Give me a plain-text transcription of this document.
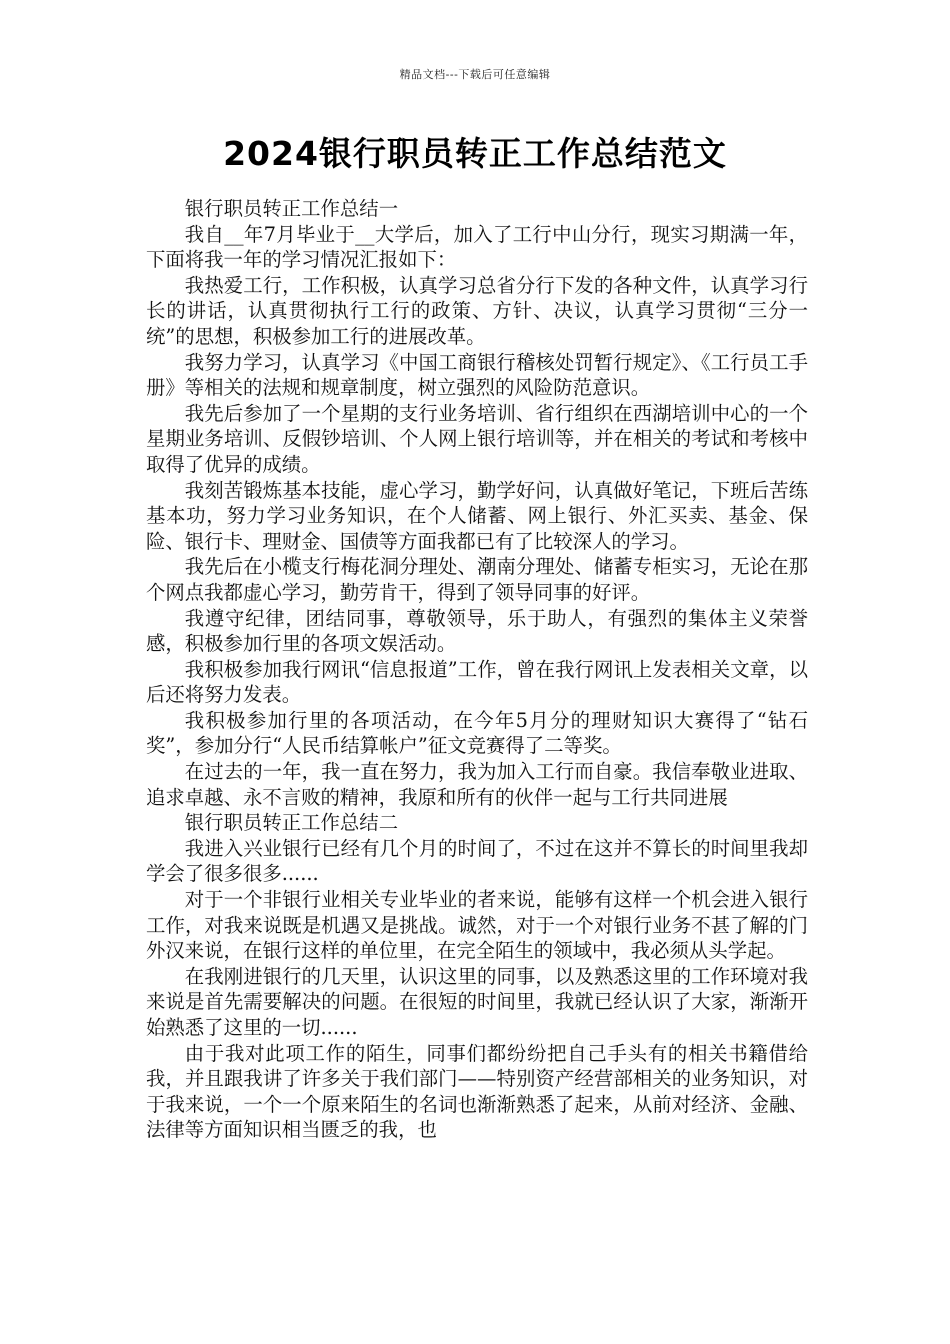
精品文档---下载后可任意编辑
2024银行职员转正工作总结范文

银行职员转正工作总结一

我自__年7月毕业于__大学后，加入了工行中山分行，现实习期满一年，下面将我一年的学习情况汇报如下：

我热爱工行，工作积极，认真学习总省分行下发的各种文件，认真学习行长的讲话，认真贯彻执行工行的政策、方针、决议，认真学习贯彻“三分一统”的思想，积极参加工行的进展改革。

我努力学习，认真学习《中国工商银行稽核处罚暂行规定》、《工行员工手册》等相关的法规和规章制度，树立强烈的风险防范意识。

我先后参加了一个星期的支行业务培训、省行组织在西湖培训中心的一个星期业务培训、反假钞培训、个人网上银行培训等，并在相关的考试和考核中取得了优异的成绩。

我刻苦锻炼基本技能，虚心学习，勤学好问，认真做好笔记，下班后苦练基本功，努力学习业务知识，在个人储蓄、网上银行、外汇买卖、基金、保险、银行卡、理财金、国债等方面我都已有了比较深人的学习。

我先后在小榄支行梅花洞分理处、潮南分理处、储蓄专柜实习，无论在那个网点我都虚心学习，勤劳肯干，得到了领导同事的好评。

我遵守纪律，团结同事，尊敬领导，乐于助人，有强烈的集体主义荣誉感，积极参加行里的各项文娱活动。

我积极参加我行网讯“信息报道”工作，曾在我行网讯上发表相关文章，以后还将努力发表。

我积极参加行里的各项活动，在今年5月分的理财知识大赛得了“钻石奖”，参加分行“人民币结算帐户”征文竞赛得了二等奖。

在过去的一年，我一直在努力，我为加入工行而自豪。我信奉敬业进取、追求卓越、永不言败的精神，我原和所有的伙伴一起与工行共同进展

银行职员转正工作总结二

我进入兴业银行已经有几个月的时间了，不过在这并不算长的时间里我却学会了很多很多......

对于一个非银行业相关专业毕业的者来说，能够有这样一个机会进入银行工作，对我来说既是机遇又是挑战。诚然，对于一个对银行业务不甚了解的门外汉来说，在银行这样的单位里，在完全陌生的领域中，我必须从头学起。

在我刚进银行的几天里，认识这里的同事，以及熟悉这里的工作环境对我来说是首先需要解决的问题。在很短的时间里，我就已经认识了大家，渐渐开始熟悉了这里的一切......

由于我对此项工作的陌生，同事们都纷纷把自己手头有的相关书籍借给我，并且跟我讲了许多关于我们部门——特别资产经营部相关的业务知识，对于我来说，一个一个原来陌生的名词也渐渐熟悉了起来，从前对经济、金融、法律等方面知识相当匮乏的我，也
